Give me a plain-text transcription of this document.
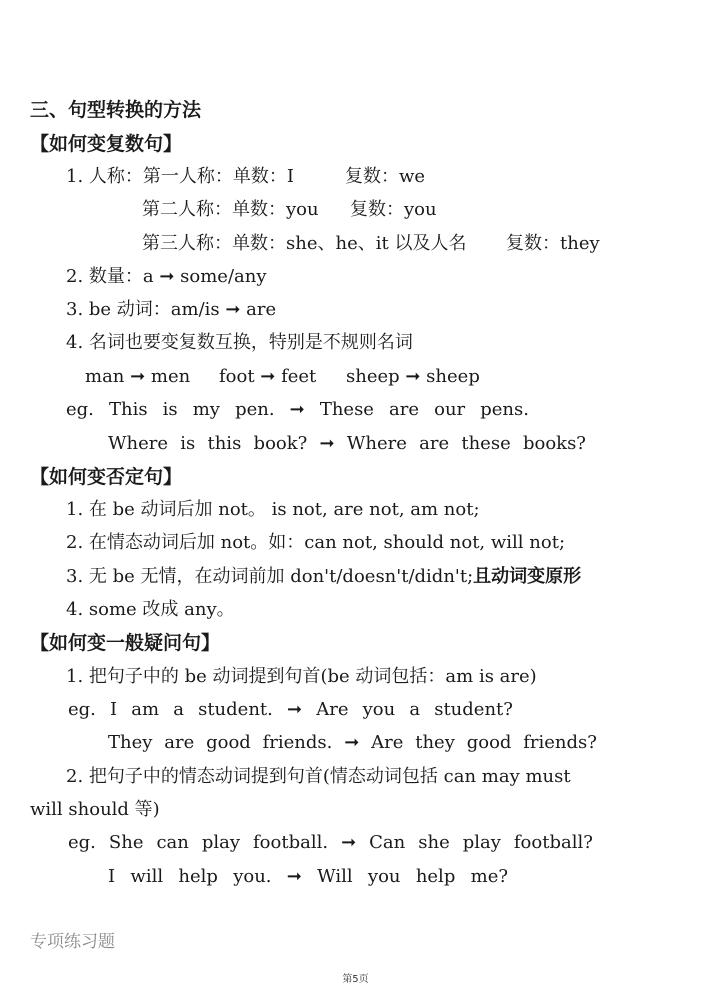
三、句型转换的方法
【如何变复数句】
1. 人称：第一人称：单数：I	复数：we
第二人称：单数：you 复数：you
第三人称：单数：she、he、it 以及人名 复数：they
2. 数量：a ➞ some/any
3. be 动词：am/is ➞ are
4. 名词也要变复数互换，特别是不规则名词
man ➞ men foot ➞ feet sheep ➞ sheep
eg. This is my pen. ➞ These are our pens.
Where is this book? ➞ Where are these books?
【如何变否定句】
1. 在 be 动词后加 not。 is not, are not, am not;
2. 在情态动词后加 not。如：can not, should not, will not;
3. 无 be 无情，在动词前加 don't/doesn't/didn't;且动词变原形
4. some 改成 any。
【如何变一般疑问句】
1. 把句子中的 be 动词提到句首(be 动词包括：am is are)
eg. I am a student. ➞ Are you a student?
They are good friends. ➞ Are they good friends?
2. 把句子中的情态动词提到句首(情态动词包括 can may must
will should 等)
eg. She can play football. ➞ Can she play football?
I will help you. ➞ Will you help me?
专项练习题
第5页
